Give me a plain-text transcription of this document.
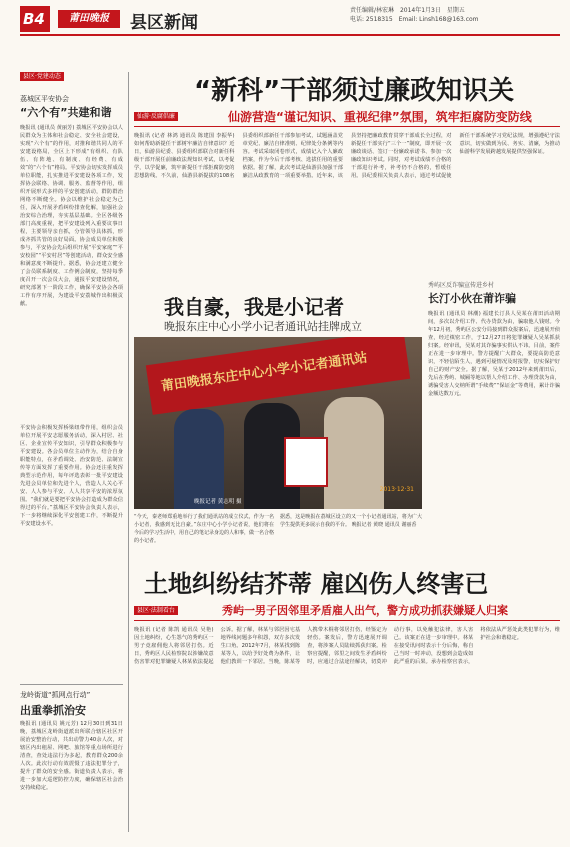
B4	莆田晚报	县区新闻
责任编辑/林宏琳 2014年1月3日 星期五
电话: 2518315 Email: Linsh168@163.com
县区·党建动态
荔城区平安协会
“六个有”共建和谐
晚报讯 (通讯员 黄丽芳) 荔城区平安协会以人民群众为主体和社会稳定、安全社会建设，实现“六个有”的作用，对推和谐共同人的平安建设格局，全区上下形成“有组织、有队伍、有阵地、有制度、有经费、有成效”的“六个有”格局。平安协会切实发挥成员单位职能，扎实推进平安建设各项工作，发挥协会联络、协调、服务、监督等作用，组织开展形式多样的平安创建活动，群防群治网络不断健全。协会以维护社会稳定为己任，深入开展矛盾纠纷排查化解，加强社会治安综合治理，夯实基层基础。全区各级各部门高度重视，把平安建设列入重要议事日程，主要领导亲自抓，分管领导具体抓，形成齐抓共管的良好局面。协会成员单位积极参与，平安协会先后组织开展“平安家庭”“平安校园”“平安村居”等创建活动，群众安全感和满意度不断提升。据悉，协会还建立健全了会员联系制度、工作例会制度，坚持每季度召开一次会员大会，通报平安建设情况，研究部署下一阶段工作，确保平安协会各项工作有序开展，为建设平安荔城作出积极贡献。
平安协会积极发挥桥梁纽带作用，组织会员单位开展平安志愿服务活动，深入村居、社区、企业宣传平安知识，引导群众积极参与平安建设。各会员单位主动作为，结合自身职能特点，在矛盾调处、治安防范、法制宣传等方面发挥了重要作用。协会还注重发挥典型示范作用，每年评选表彰一批平安建设先进会员单位和先进个人，营造人人关心平安、人人参与平安、人人共享平安的浓厚氛围。“我们就是要把平安协会打造成为群众信得过的平台。”荔城区平安协会负责人表示，下一步将继续深化平安创建工作，不断提升平安建设水平。
龙岭街道“抓网点行动”
出重拳抓治安
晚报讯 (通讯员 姚元芳) 12月30日到31日晚，荔城区龙岭街道派出所联合辖区社区开展治安整治行动，共出动警力40余人次，对辖区内出租屋、网吧、旅馆等重点场所进行清查，查处违法行为多起，教育群众200余人次。此次行动有效震慑了违法犯罪分子，提升了群众的安全感。街道负责人表示，将进一步加大巡逻防控力度，确保辖区社会治安持续稳定。
“新科”干部须过廉政知识关
仙游·反腐倡廉	仙游营造“谨记知识、重视纪律”氛围，筑牢拒腐防变防线
晚报讯 (记者 林鸿 通讯员 陈建国 李振华) 如何帮助新提任干部树牢廉洁自律意识？近日，仙游县纪委、县委组织部联合对新任科级干部开展任前廉政法规知识考试，以考促学，以学促廉，筑牢新提任干部拒腐防变的思想防线。不久前，仙游县新提拔的108名县委组织部新任干部参加考试，试题涵盖党章党纪、廉洁自律准则、纪律处分条例等内容。考试采取闭卷形式，成绩记入个人廉政档案，作为今后干部考核、选拔任用的重要依据。据了解，此次考试是仙游县加强干部廉洁从政教育的一项重要举措。近年来，该县坚持把廉政教育贯穿干部成长全过程，对新提任干部实行“三个一”制度，即开展一次廉政谈话、签订一份廉政承诺书、参加一次廉政知识考试。同时，对考试成绩不合格的干部进行补考，补考仍不合格的，暂缓任用。县纪委相关负责人表示，通过考试促使新任干部系统学习党纪法规，增强遵纪守法意识，切实做到为民、务实、清廉，为推动仙游科学发展跨越发展提供坚强保证。
秀屿区反诈骗宣传进乡村
长汀小伙在莆诈骗
晚报讯 (通讯员 林潮) 福建长汀县人吴某在莆田活动期间，多次以介绍工作、代办贷款为由，骗取他人钱财。今年12月初，秀屿区公安分局接到群众报案后，迅速展开侦查，经过缜密工作，于12月27日将犯罪嫌疑人吴某抓获归案。经审讯，吴某对其诈骗事实供认不讳。目前，案件正在进一步审理中。警方提醒广大群众，要提高防范意识，不轻信陌生人，遇到可疑情况及时报警，切实保护好自己的财产安全。据了解，吴某于2012年来到莆田后，先后在秀屿、城厢等地以帮人介绍工作、办理贷款为由，诱骗受害人交纳所谓“手续费”“保证金”等费用，累计诈骗金额达数万元。
我自豪，我是小记者
晚报东庄中心小学小记者通讯站挂牌成立
莆田晚报东庄中心小学小记者通讯站
2013·12·31
晚报记者 黄志明 摄
“今天，秦老师郑重地举行了我们通讯站的成立仪式，作为一名小记者，我感到无比自豪。”东庄中心小学小记者说，他们将在今后的学习生活中，用自己的笔记录身边的人和事，做一名合格的小记者。
据悉，这是晚报在荔城区设立的又一个小记者通讯站，将为广大学生提供更多展示自我的平台。 晚报记者 黄晓 通讯员 谢丽香
土地纠纷结芥蒂 雇凶伤人终害已
县区·法制看台	秀屿一男子因邻里矛盾雇人出气，警方成功抓获嫌疑人归案
晚报讯 (记者 陈凯 通讯员 吴艳) 因土地纠纷，心生怨气的秀屿区一男子竟雇佣他人将邻居打伤。近日，秀屿区人民检察院以涉嫌故意伤害罪对犯罪嫌疑人林某依法提起公诉。据了解，林某与邻居因宅基地界线问题多年积怨，双方多次发生口角。2012年7月，林某找到陈某等人，以给予好处费为条件，让他们教训一下邻居。当晚，陈某等人携带木棍将邻居打伤，经鉴定为轻伤。案发后，警方迅速展开调查，将涉案人员陆续抓获归案。检察官提醒，邻里之间发生矛盾纠纷时，应通过合法途径解决，切莫冲动行事，以免触犯法律，害人害己。该案正在进一步审理中。林某在接受讯问时表示十分后悔，称自己当时一时冲动，没想到会造成如此严重的后果。承办检察官表示，将依法从严惩处此类犯罪行为，维护社会和谐稳定。
